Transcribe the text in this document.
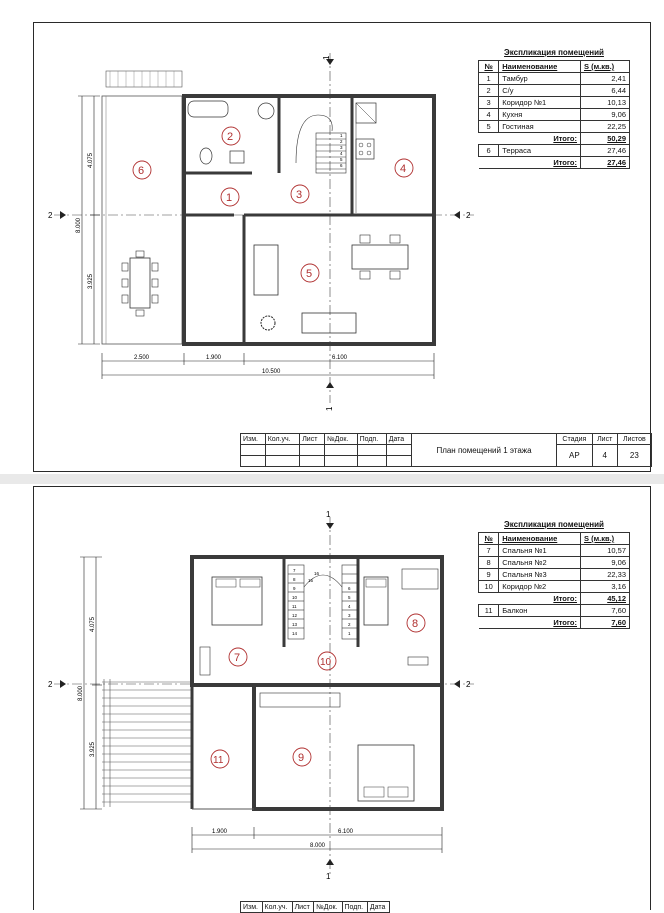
1
1
2	2
1
2
3
4
5
6
1
2
3
4
5
6
2.500	1.900	6.100
10.500
4.075
3.925
8.000
Экспликация помещений		
№	Наименование	S (м.кв.)
1	Тамбур	2,41
2	С/у	6,44
3	Коридор №1	10,13
4	Кухня	9,06
5	Гостиная	22,25
	Итого:	50,29
6	Терраса	27,46
	Итого:	27,46
Изм.	Кол.уч.	Лист	№Док.	Подп.	Дата	План помещений 1 этажа	Стадия	Лист	Листов
							АР	4	23

1
1
2	2
7
8
9
10
11
12
13
14
15
16
1
2
3
4
5
6
7
8
9
10
11
1.900	6.100
8.000
4.075
3.925
8.000
Экспликация помещений		
№	Наименование	S (м.кв.)
7	Спальня №1	10,57
8	Спальня №2	9,06
9	Спальня №3	22,33
10	Коридор №2	3,16
	Итого:	45,12
11	Балкон	7,60
	Итого:	7,60
Изм.	Кол.уч.	Лист	№Док.	Подп.	Дата
